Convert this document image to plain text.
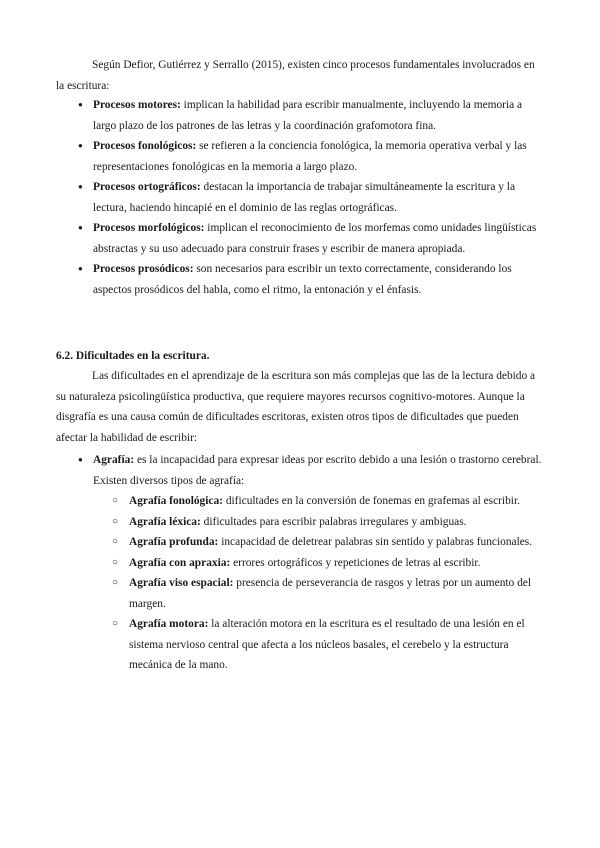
Según Defior, Gutiérrez y Serrallo (2015), existen cinco procesos fundamentales involucrados en la escritura:

● Procesos motores: implican la habilidad para escribir manualmente, incluyendo la memoria a largo plazo de los patrones de las letras y la coordinación grafomotora fina.
● Procesos fonológicos: se refieren a la conciencia fonológica, la memoria operativa verbal y las representaciones fonológicas en la memoria a largo plazo.
● Procesos ortográficos: destacan la importancia de trabajar simultáneamente la escritura y la lectura, haciendo hincapié en el dominio de las reglas ortográficas.
● Procesos morfológicos: implican el reconocimiento de los morfemas como unidades lingüísticas abstractas y su uso adecuado para construir frases y escribir de manera apropiada.
● Procesos prosódicos: son necesarios para escribir un texto correctamente, considerando los aspectos prosódicos del habla, como el ritmo, la entonación y el énfasis.

6.2. Dificultades en la escritura.

Las dificultades en el aprendizaje de la escritura son más complejas que las de la lectura debido a su naturaleza psicolingüística productiva, que requiere mayores recursos cognitivo-motores. Aunque la disgrafía es una causa común de dificultades escritoras, existen otros tipos de dificultades que pueden afectar la habilidad de escribir:

● Agrafía: es la incapacidad para expresar ideas por escrito debido a una lesión o trastorno cerebral. Existen diversos tipos de agrafía:
○ Agrafía fonológica: dificultades en la conversión de fonemas en grafemas al escribir.
○ Agrafía léxica: dificultades para escribir palabras irregulares y ambiguas.
○ Agrafía profunda: incapacidad de deletrear palabras sin sentido y palabras funcionales.
○ Agrafía con apraxia: errores ortográficos y repeticiones de letras al escribir.
○ Agrafía viso espacial: presencia de perseverancia de rasgos y letras por un aumento del margen.
○ Agrafía motora: la alteración motora en la escritura es el resultado de una lesión en el sistema nervioso central que afecta a los núcleos basales, el cerebelo y la estructura mecánica de la mano.
